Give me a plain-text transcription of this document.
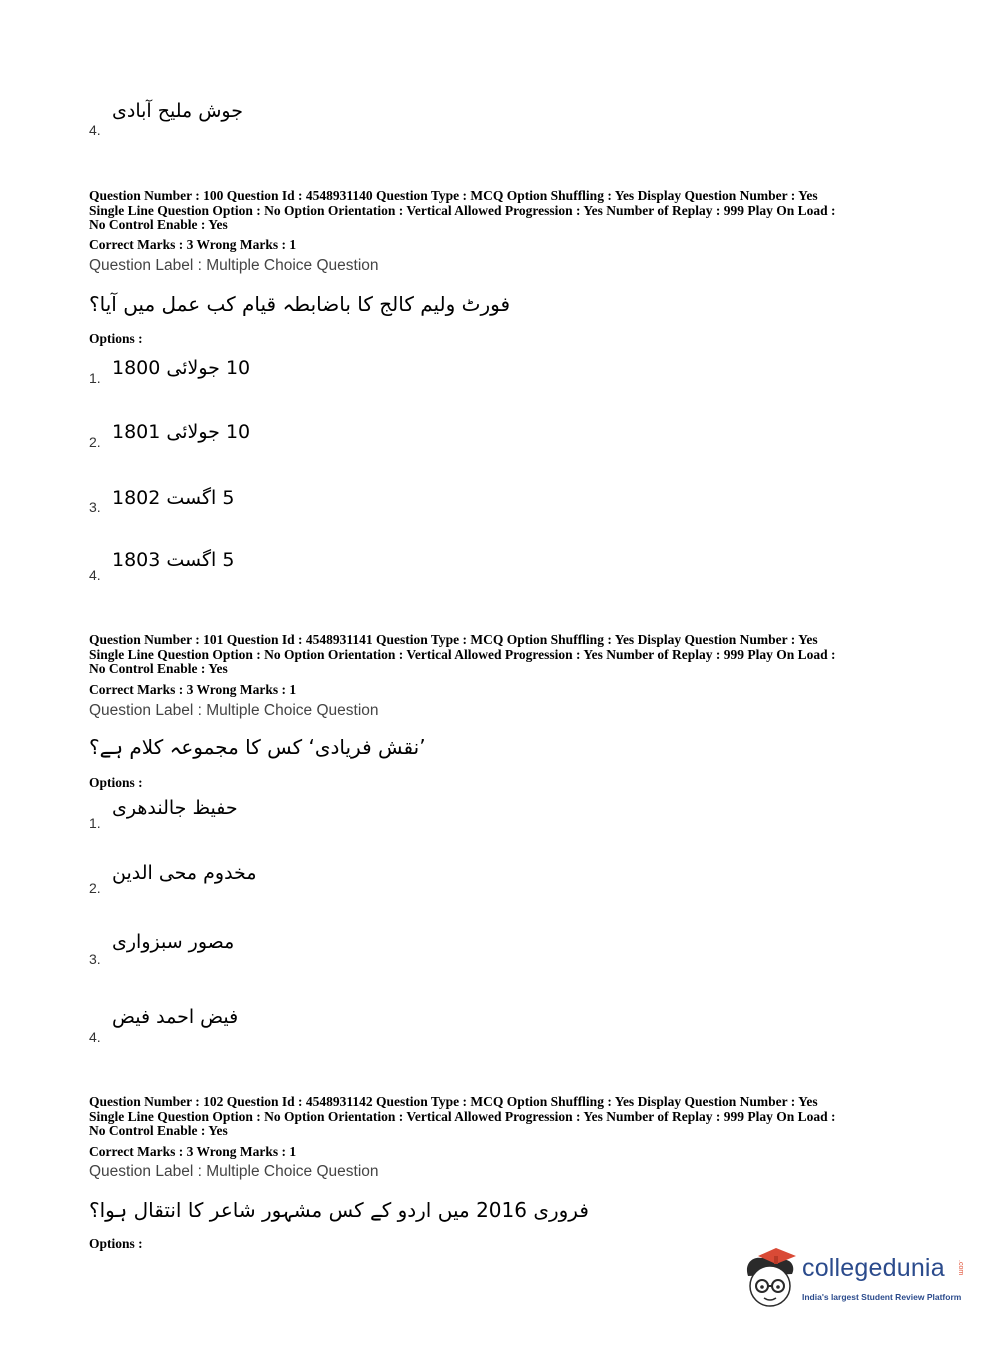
4.
جوش ملیح آبادی
Question Number : 100 Question Id : 4548931140 Question Type : MCQ Option Shuffling : Yes Display Question Number : Yes
Single Line Question Option : No Option Orientation : Vertical Allowed Progression : Yes Number of Replay : 999 Play On Load :
No Control Enable : Yes
Correct Marks : 3 Wrong Marks : 1
Question Label : Multiple Choice Question
فورٹ ولیم کالج کا باضابطہ قیام کب عمل میں آیا؟
Options :
1. 10 جولائی 1800
2. 10 جولائی 1801
3. 5 اگست 1802
4.
5 اگست 1803
Question Number : 101 Question Id : 4548931141 Question Type : MCQ Option Shuffling : Yes Display Question Number : Yes
Single Line Question Option : No Option Orientation : Vertical Allowed Progression : Yes Number of Replay : 999 Play On Load :
No Control Enable : Yes
Correct Marks : 3 Wrong Marks : 1
Question Label : Multiple Choice Question
’نقش فریادی‘ کس کا مجموعہ کلام ہے؟
Options :
1.
حفیظ جالندھری
2.
مخدوم محی الدین
3.
مصور سبزواری
4.
فیض احمد فیض
Question Number : 102 Question Id : 4548931142 Question Type : MCQ Option Shuffling : Yes Display Question Number : Yes
Single Line Question Option : No Option Orientation : Vertical Allowed Progression : Yes Number of Replay : 999 Play On Load :
No Control Enable : Yes
Correct Marks : 3 Wrong Marks : 1
Question Label : Multiple Choice Question
فروری 2016 میں اردو کے کس مشہور شاعر کا انتقال ہوا؟
Options :
collegedunia .com
India's largest Student Review Platform
